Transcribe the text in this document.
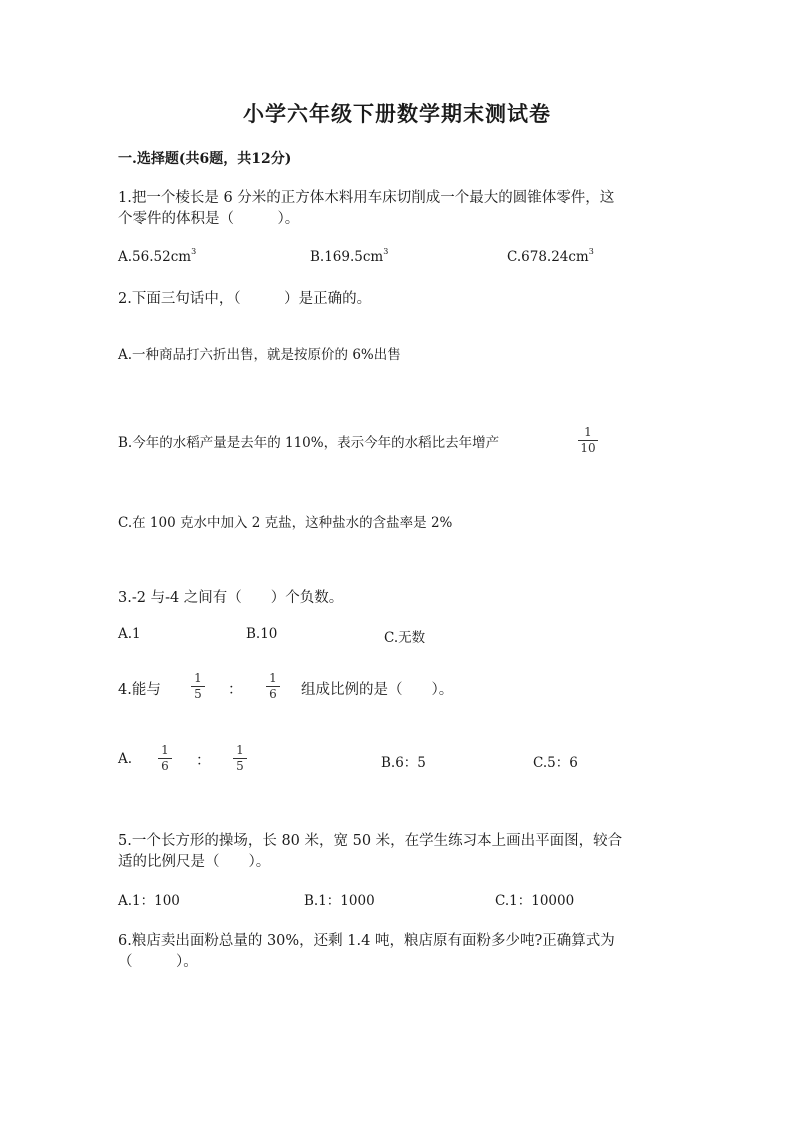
小学六年级下册数学期末测试卷
一.选择题(共6题，共12分)
1.把一个棱长是 6 分米的正方体木料用车床切削成一个最大的圆锥体零件，这
个零件的体积是（　　　）。
$A.56.52cm^3$	$B.169.5cm^3$	$C.678.24cm^3$
2.下面三句话中，（　　　）是正确的。
A.一种商品打六折出售，就是按原价的 6%出售
B.今年的水稻产量是去年的 110%，表示今年的水稻比去年增产
1
10
C.在 100 克水中加入 2 克盐，这种盐水的含盐率是 2%
3.-2 与-4 之间有（　　）个负数。
A.1	B.10	C.无数
4.能与
1
5 ：
1
6 组成比例的是（　　）。
A.
1
6 ：
1
5	B.6：5	C.5：6
5.一个长方形的操场，长 80 米，宽 50 米，在学生练习本上画出平面图，较合
适的比例尺是（　　）。
A.1：100	B.1：1000	C.1：10000
6.粮店卖出面粉总量的 30%，还剩 1.4 吨，粮店原有面粉多少吨?正确算式为
（　　　）。
